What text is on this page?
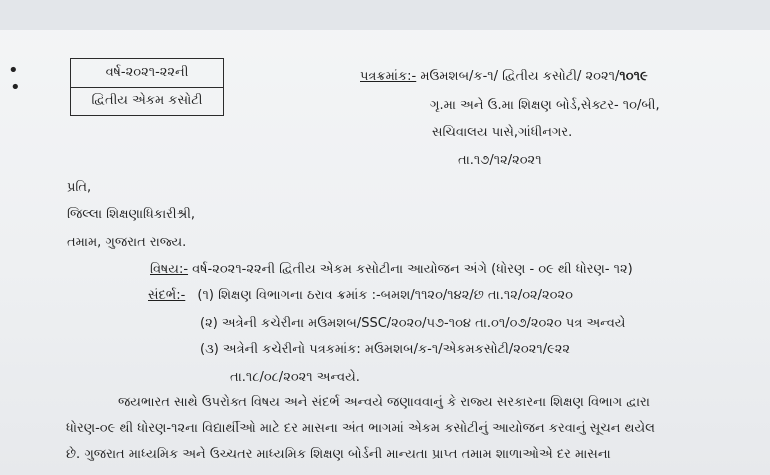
•
•
વર્ષ-૨૦૨૧-૨૨ની
દ્વિતીય એકમ કસોટી
પત્રક્રમાંક:- મઉમશબ/ક-૧/ દ્વિતીય કસોટી/ ૨૦૨૧/૧૦૧૯
ગૃ.મા અને ઉ.મા શિક્ષણ બોર્ડ,સેક્ટર- ૧૦/બી,
સચિવાલય પાસે,ગાંધીનગર.
તા.૧૭/૧૨/૨૦૨૧
પ્રતિ,
જિલ્લા શિક્ષણાધિકારીશ્રી,
તમામ, ગુજરાત રાજ્ય.
વિષય:- વર્ષ-૨૦૨૧-૨૨ની દ્વિતીય એકમ કસોટીના આયોજન અંગે (ધોરણ - ૦૯ થી ધોરણ- ૧૨)
સંદર્ભ:- (૧) શિક્ષણ વિભાગના ઠરાવ ક્રમાંક :-બમશ/૧૧૨૦/૧૪૨/છ તા.૧૨/૦૨/૨૦૨૦
(૨) અત્રેની કચેરીના મઉમશબ/SSC/૨૦૨૦/૫૭-૧૦૪ તા.૦૧/૦૭/૨૦૨૦ પત્ર અન્વયે
(૩) અત્રેની કચેરીનો પત્રકમાંક: મઉમશબ/ક-૧/એકમકસોટી/૨૦૨૧/૯૨૨
તા.૧૮/૦૮/૨૦૨૧ અન્વયે.
જયભારત સાથે ઉપરોક્ત વિષય અને સંદર્ભ અન્વયે જણાવવાનું કે રાજ્ય સરકારના શિક્ષણ વિભાગ દ્વારા
ધોરણ-૦૯ થી ધોરણ-૧૨ના વિદ્યાર્થીઓ માટે દર માસના અંત ભાગમાં એકમ કસોટીનું આયોજન કરવાનું સૂચન થયેલ
છે. ગુજરાત માધ્યમિક અને ઉચ્ચતર માધ્યમિક શિક્ષણ બોર્ડની માન્યતા પ્રાપ્ત તમામ શાળાઓએ દર માસના
